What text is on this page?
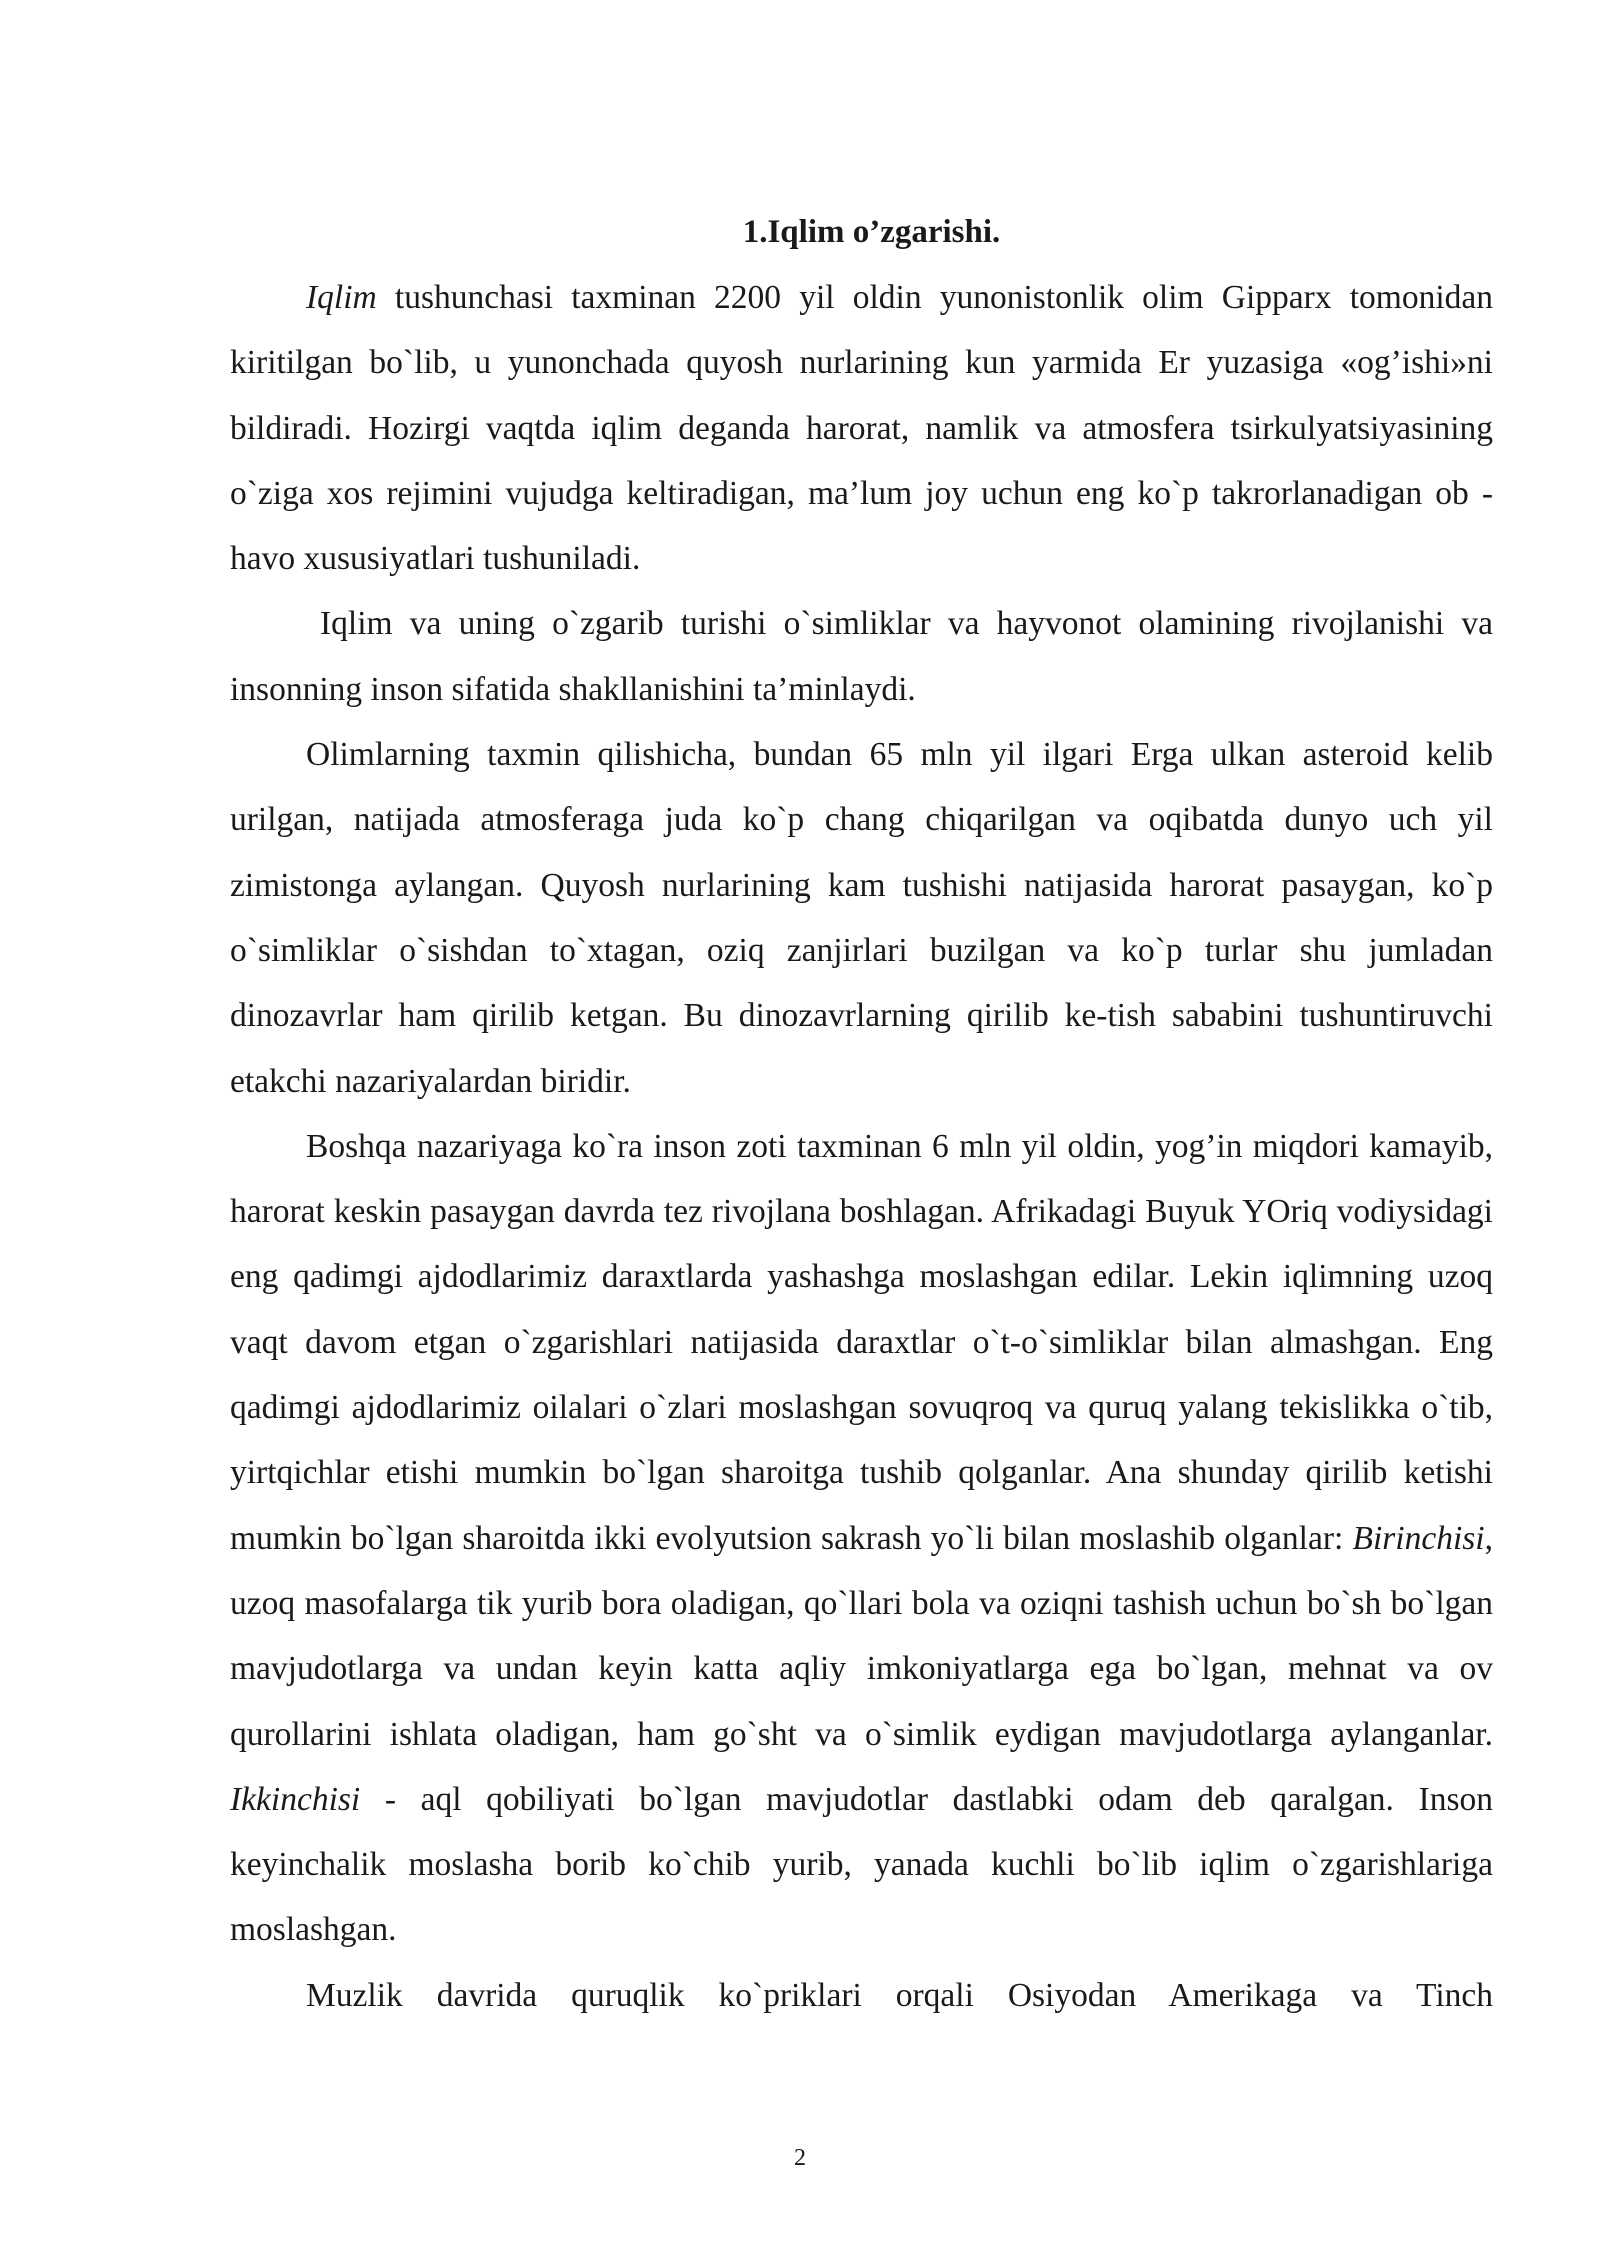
1.Iqlim o’zgarishi.

Iqlim tushunchasi taxminan 2200 yil oldin yunonistonlik olim Gipparx tomonidan kiritilgan bo`lib, u yunonchada quyosh nurlarining kun yarmida Er yuzasiga «og’ishi»ni bildiradi. Hozirgi vaqtda iqlim deganda harorat, namlik va atmosfera tsirkulyatsiyasining o`ziga xos rejimini vujudga keltiradigan, ma’lum joy uchun eng ko`p takrorlanadigan ob - havo xususiyatlari tushuniladi.

Iqlim va uning o`zgarib turishi o`simliklar va hayvonot olamining rivojlanishi va insonning inson sifatida shakllanishini ta’minlaydi.

Olimlarning taxmin qilishicha, bundan 65 mln yil ilgari Erga ulkan asteroid kelib urilgan, natijada atmosferaga juda ko`p chang chiqarilgan va oqibatda dunyo uch yil zimistonga aylangan. Quyosh nurlarining kam tushishi natijasida harorat pasaygan, ko`p o`simliklar o`sishdan to`xtagan, oziq zanjirlari buzilgan va ko`p turlar shu jumladan dinozavrlar ham qirilib ketgan. Bu dinozavrlarning qirilib ke-tish sababini tushuntiruvchi etakchi nazariyalardan biridir.

Boshqa nazariyaga ko`ra inson zoti taxminan 6 mln yil oldin, yog’in miqdori kamayib, harorat keskin pasaygan davrda tez rivojlana boshlagan. Afrikadagi Buyuk YOriq vodiysidagi eng qadimgi ajdodlarimiz daraxtlarda yashashga moslashgan edilar. Lekin iqlimning uzoq vaqt davom etgan o`zgarishlari natijasida daraxtlar o`t-o`simliklar bilan almashgan. Eng qadimgi ajdodlarimiz oilalari o`zlari moslashgan sovuqroq va quruq yalang tekislikka o`tib, yirtqichlar etishi mumkin bo`lgan sharoitga tushib qolganlar. Ana shunday qirilib ketishi mumkin bo`lgan sharoitda ikki evolyutsion sakrash yo`li bilan moslashib olganlar: Birinchisi, uzoq masofalarga tik yurib bora oladigan, qo`llari bola va oziqni tashish uchun bo`sh bo`lgan mavjudotlarga va undan keyin katta aqliy imkoniyatlarga ega bo`lgan, mehnat va ov qurollarini ishlata oladigan, ham go`sht va o`simlik eydigan mavjudotlarga aylanganlar. Ikkinchisi - aql qobiliyati bo`lgan mavjudotlar dastlabki odam deb qaralgan. Inson keyinchalik moslasha borib ko`chib yurib, yanada kuchli bo`lib iqlim o`zgarishlariga moslashgan.

Muzlik davrida quruqlik ko`priklari orqali Osiyodan Amerikaga va Tinch

2
